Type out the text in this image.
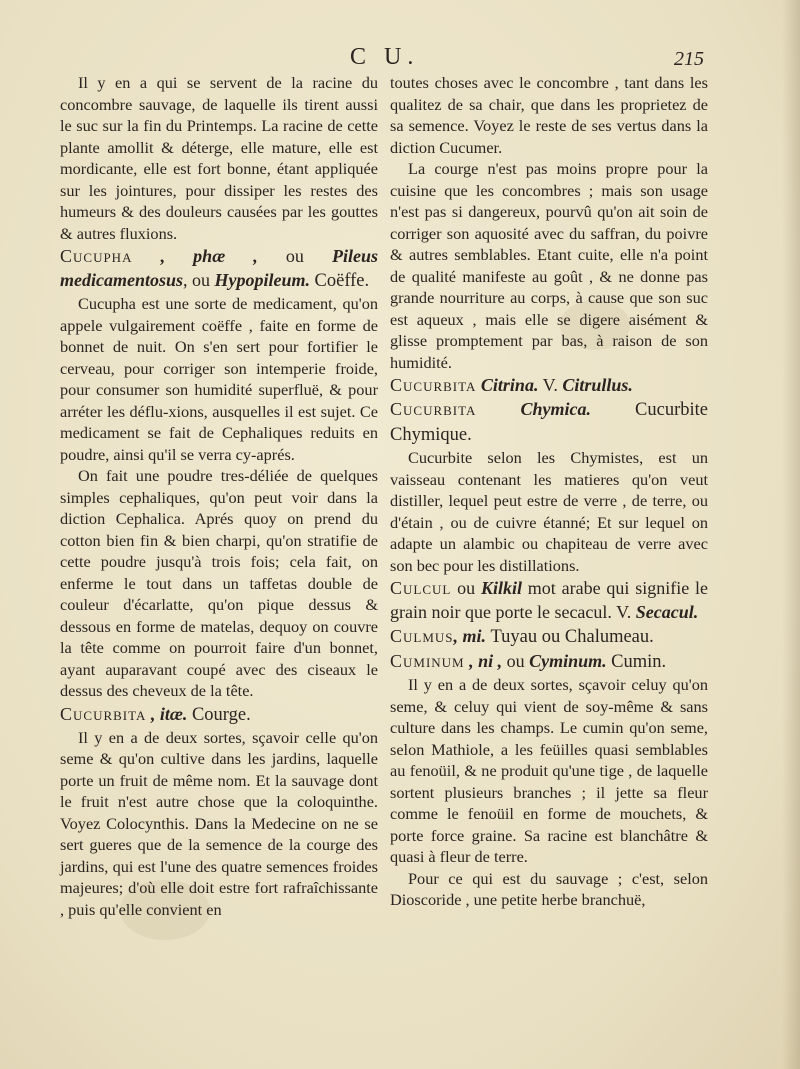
C U.	215

Il y en a qui se servent de la racine du concombre sauvage, de laquelle ils tirent aussi le suc sur la fin du Printemps. La racine de cette plante amollit & déterge, elle mature, elle est mordicante, elle est fort bonne, étant appliquée sur les jointures, pour dissiper les restes des humeurs & des douleurs causées par les gouttes & autres fluxions.

Cucupha , phæ , ou Pileus medicamentosus, ou Hypopileum. Coëffe.

Cucupha est une sorte de medicament, qu'on appele vulgairement coëffe , faite en forme de bonnet de nuit. On s'en sert pour fortifier le cerveau, pour corriger son intemperie froide, pour consumer son humidité superfluë, & pour arréter les déflu-xions, ausquelles il est sujet. Ce medicament se fait de Cephaliques reduits en poudre, ainsi qu'il se verra cy-aprés.

On fait une poudre tres-déliée de quelques simples cephaliques, qu'on peut voir dans la diction Cephalica. Aprés quoy on prend du cotton bien fin & bien charpi, qu'on stratifie de cette poudre jusqu'à trois fois; cela fait, on enferme le tout dans un taffetas double de couleur d'écarlatte, qu'on pique dessus & dessous en forme de matelas, dequoy on couvre la tête comme on pourroit faire d'un bonnet, ayant auparavant coupé avec des ciseaux le dessus des cheveux de la tête.

Cucurbita , itæ. Courge.

Il y en a de deux sortes, sçavoir celle qu'on seme & qu'on cultive dans les jardins, laquelle porte un fruit de même nom. Et la sauvage dont le fruit n'est autre chose que la coloquinthe. Voyez Colocynthis. Dans la Medecine on ne se sert gueres que de la semence de la courge des jardins, qui est l'une des quatre semences froides majeures; d'où elle doit estre fort rafraîchissante , puis qu'elle convient en

toutes choses avec le concombre , tant dans les qualitez de sa chair, que dans les proprietez de sa semence. Voyez le reste de ses vertus dans la diction Cucumer.

La courge n'est pas moins propre pour la cuisine que les concombres ; mais son usage n'est pas si dangereux, pourvû qu'on ait soin de corriger son aquosité avec du saffran, du poivre & autres semblables. Etant cuite, elle n'a point de qualité manifeste au goût , & ne donne pas grande nourriture au corps, à cause que son suc est aqueux , mais elle se digere aisément & glisse promptement par bas, à raison de son humidité.

Cucurbita Citrina. V. Citrullus.

Cucurbita Chymica. Cucurbite Chymique.

Cucurbite selon les Chymistes, est un vaisseau contenant les matieres qu'on veut distiller, lequel peut estre de verre , de terre, ou d'étain , ou de cuivre étanné; Et sur lequel on adapte un alambic ou chapiteau de verre avec son bec pour les distillations.

Culcul ou Kilkil mot arabe qui signifie le grain noir que porte le secacul. V. Secacul.

Culmus, mi. Tuyau ou Chalumeau.

Cuminum , ni , ou Cyminum. Cumin.

Il y en a de deux sortes, sçavoir celuy qu'on seme, & celuy qui vient de soy-même & sans culture dans les champs. Le cumin qu'on seme, selon Mathiole, a les feüilles quasi semblables au fenoüil, & ne produit qu'une tige , de laquelle sortent plusieurs branches ; il jette sa fleur comme le fenoüil en forme de mouchets, & porte force graine. Sa racine est blanchâtre & quasi à fleur de terre.

Pour ce qui est du sauvage ; c'est, selon Dioscoride , une petite herbe branchuë,
